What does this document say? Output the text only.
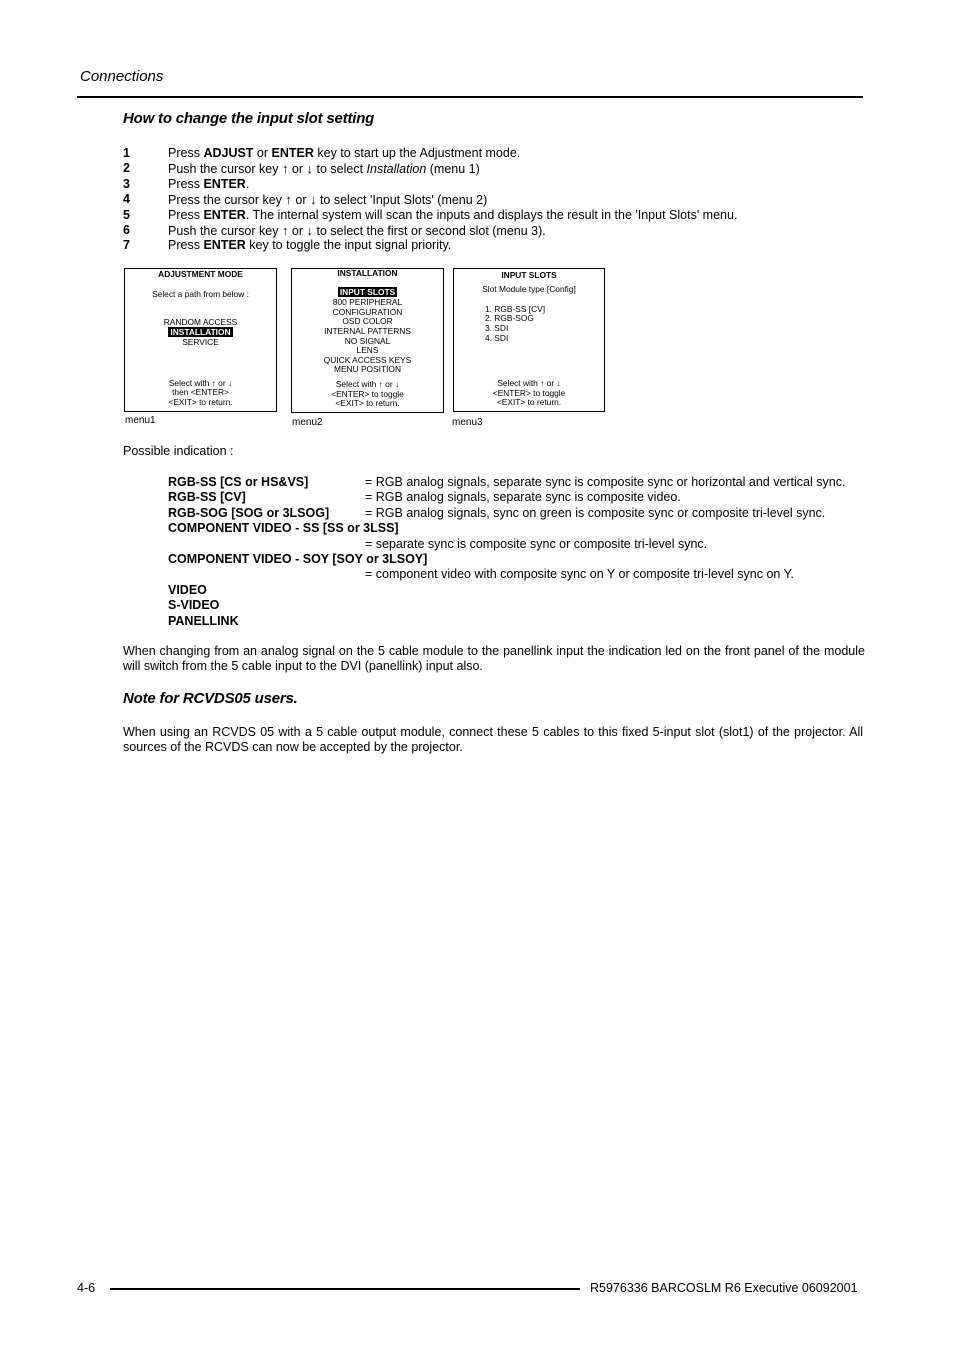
Connections
How to change the input slot setting
1	Press ADJUST or ENTER key to start up the Adjustment mode.
2	Push the cursor key ↑ or ↓ to select Installation (menu 1)
3	Press ENTER.
4	Press the cursor key ↑ or ↓ to select 'Input Slots' (menu 2)
5	Press ENTER. The internal system will scan the inputs and displays the result in the 'Input Slots' menu.
6	Push the cursor key ↑ or ↓ to select the first or second slot (menu 3).
7	Press ENTER key to toggle the input signal priority.
ADJUSTMENT MODE
Select a path from below :
RANDOM ACCESS
INSTALLATION
SERVICE
Select with ↑ or ↓
then <ENTER>
<EXIT> to return.
menu1
INSTALLATION
INPUT SLOTS
800 PERIPHERAL
CONFIGURATION
OSD COLOR
INTERNAL PATTERNS
NO SIGNAL
LENS
QUICK ACCESS KEYS
MENU POSITION
Select with ↑ or ↓
<ENTER> to toggle
<EXIT> to return.
menu2
INPUT SLOTS
Slot Module type [Config]
1. RGB-SS [CV]
2. RGB-SOG
3. SDI
4. SDI
Select with ↑ or ↓
<ENTER> to toggle
<EXIT> to return.
menu3
Possible indication :
RGB-SS [CS or HS&VS]	= RGB analog signals, separate sync is composite sync or horizontal and vertical sync.
RGB-SS [CV]	= RGB analog signals, separate sync is composite video.
RGB-SOG [SOG or 3LSOG]	= RGB analog signals, sync on green is composite sync or composite tri-level sync.
COMPONENT VIDEO - SS [SS or 3LSS]
= separate sync is composite sync or composite tri-level sync.
COMPONENT VIDEO - SOY [SOY or 3LSOY]
= component video with composite sync on Y or composite tri-level sync on Y.
VIDEO
S-VIDEO
PANELLINK
When changing from an analog signal on the 5 cable module to the panellink input the indication led on the front panel of the module will switch from the 5 cable input to the DVI (panellink) input also.
Note for RCVDS05 users.
When using an RCVDS 05 with a 5 cable output module, connect these 5 cables to this fixed 5-input slot (slot1) of the projector. All sources of the RCVDS can now be accepted by the projector.
4-6	R5976336 BARCOSLM R6 Executive 06092001
